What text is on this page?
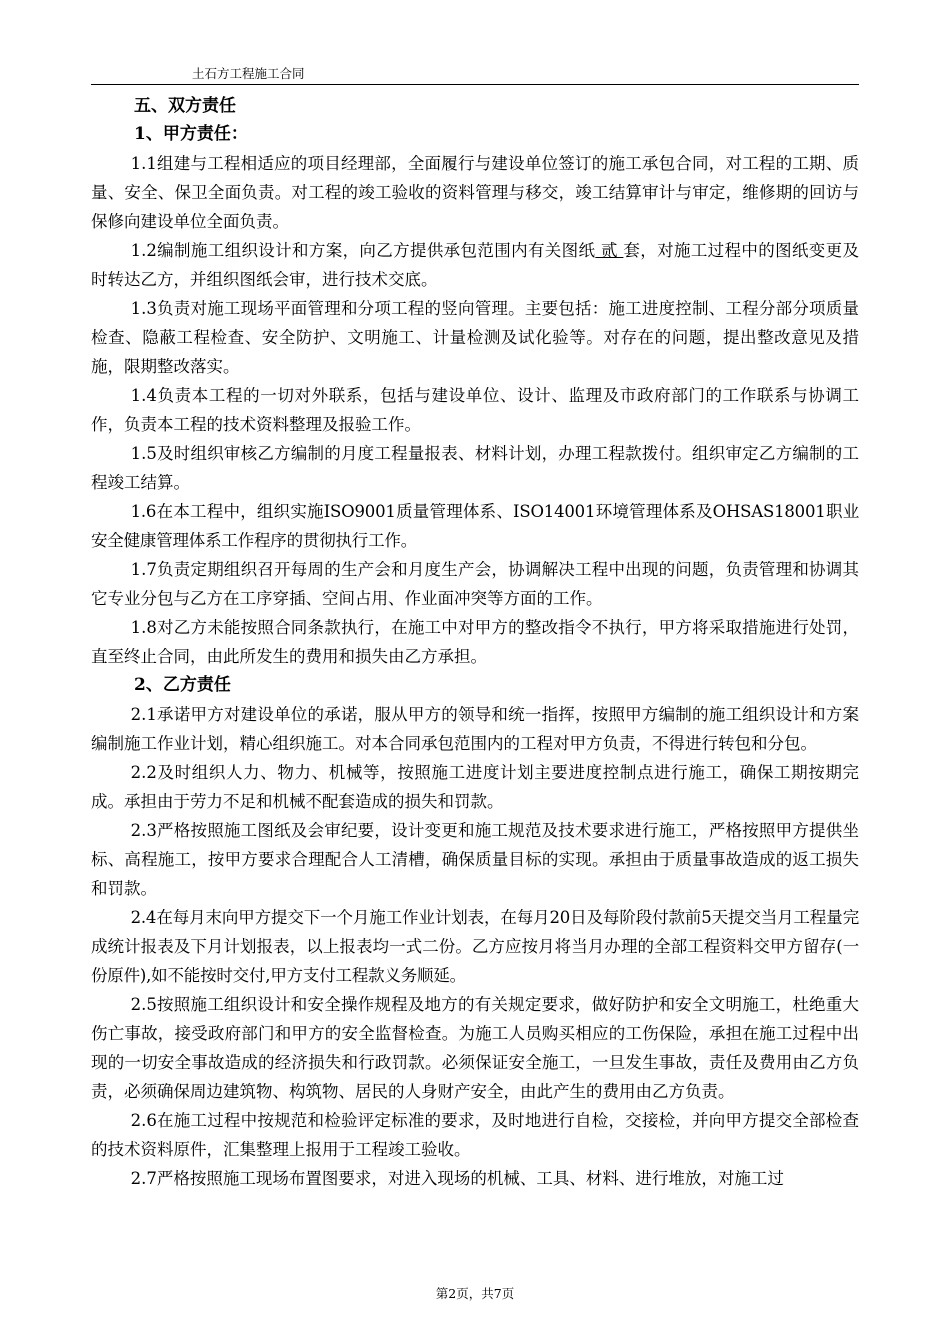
土石方工程施工合同
五、双方责任
1、甲方责任：

1.1组建与工程相适应的项目经理部，全面履行与建设单位签订的施工承包合同，对工程的工期、质量、安全、保卫全面负责。对工程的竣工验收的资料管理与移交，竣工结算审计与审定，维修期的回访与保修向建设单位全面负责。

1.2编制施工组织设计和方案，向乙方提供承包范围内有关图纸 贰 套，对施工过程中的图纸变更及时转达乙方，并组织图纸会审，进行技术交底。

1.3负责对施工现场平面管理和分项工程的竖向管理。主要包括：施工进度控制、工程分部分项质量检查、隐蔽工程检查、安全防护、文明施工、计量检测及试化验等。对存在的问题，提出整改意见及措施，限期整改落实。

1.4负责本工程的一切对外联系，包括与建设单位、设计、监理及市政府部门的工作联系与协调工作，负责本工程的技术资料整理及报验工作。

1.5及时组织审核乙方编制的月度工程量报表、材料计划，办理工程款拨付。组织审定乙方编制的工程竣工结算。

1.6在本工程中，组织实施ISO9001质量管理体系、ISO14001环境管理体系及OHSAS18001职业安全健康管理体系工作程序的贯彻执行工作。

1.7负责定期组织召开每周的生产会和月度生产会，协调解决工程中出现的问题，负责管理和协调其它专业分包与乙方在工序穿插、空间占用、作业面冲突等方面的工作。

1.8对乙方未能按照合同条款执行，在施工中对甲方的整改指令不执行，甲方将采取措施进行处罚，直至终止合同，由此所发生的费用和损失由乙方承担。

2、乙方责任

2.1承诺甲方对建设单位的承诺，服从甲方的领导和统一指挥，按照甲方编制的施工组织设计和方案编制施工作业计划，精心组织施工。对本合同承包范围内的工程对甲方负责，不得进行转包和分包。

2.2及时组织人力、物力、机械等，按照施工进度计划主要进度控制点进行施工，确保工期按期完成。承担由于劳力不足和机械不配套造成的损失和罚款。

2.3严格按照施工图纸及会审纪要，设计变更和施工规范及技术要求进行施工，严格按照甲方提供坐标、高程施工，按甲方要求合理配合人工清槽，确保质量目标的实现。承担由于质量事故造成的返工损失和罚款。

2.4在每月末向甲方提交下一个月施工作业计划表，在每月20日及每阶段付款前5天提交当月工程量完成统计报表及下月计划报表，以上报表均一式二份。乙方应按月将当月办理的全部工程资料交甲方留存(一份原件),如不能按时交付,甲方支付工程款义务顺延。

2.5按照施工组织设计和安全操作规程及地方的有关规定要求，做好防护和安全文明施工，杜绝重大伤亡事故，接受政府部门和甲方的安全监督检查。为施工人员购买相应的工伤保险，承担在施工过程中出现的一切安全事故造成的经济损失和行政罚款。必须保证安全施工，一旦发生事故，责任及费用由乙方负责，必须确保周边建筑物、构筑物、居民的人身财产安全，由此产生的费用由乙方负责。

2.6在施工过程中按规范和检验评定标准的要求，及时地进行自检，交接检，并向甲方提交全部检查的技术资料原件，汇集整理上报用于工程竣工验收。

2.7严格按照施工现场布置图要求，对进入现场的机械、工具、材料、进行堆放，对施工过

第2页，共7页
